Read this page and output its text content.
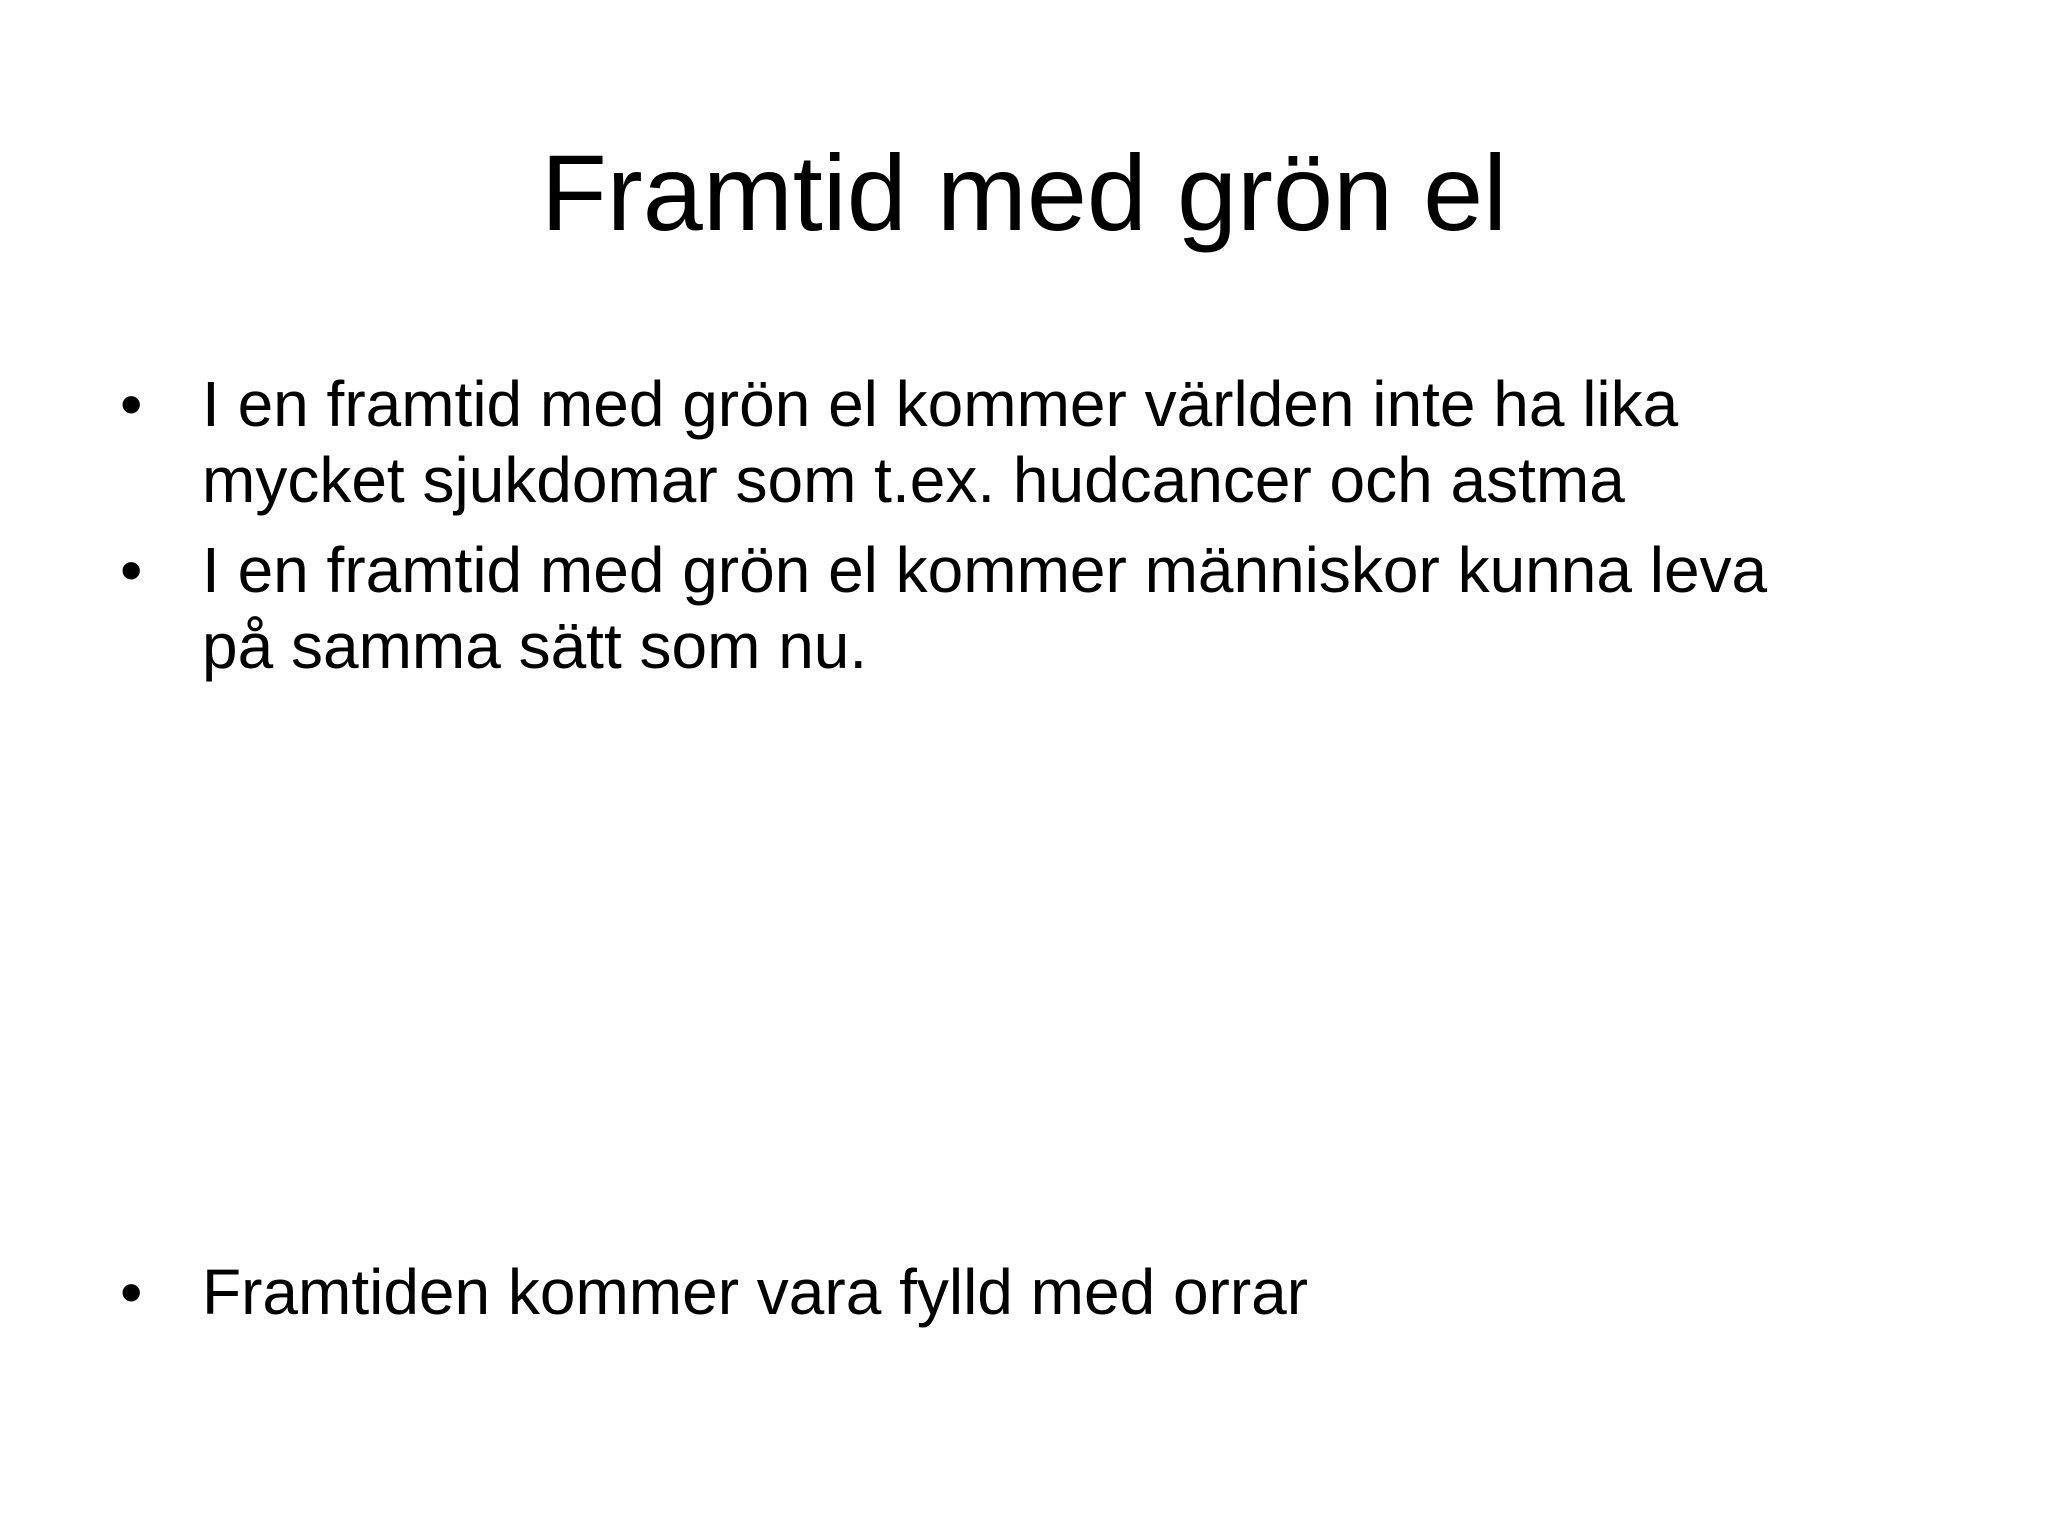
Framtid med grön el
• I en framtid med grön el kommer världen inte ha lika
mycket sjukdomar som t.ex. hudcancer och astma
• I en framtid med grön el kommer människor kunna leva
på samma sätt som nu.
• Framtiden kommer vara fylld med orrar
